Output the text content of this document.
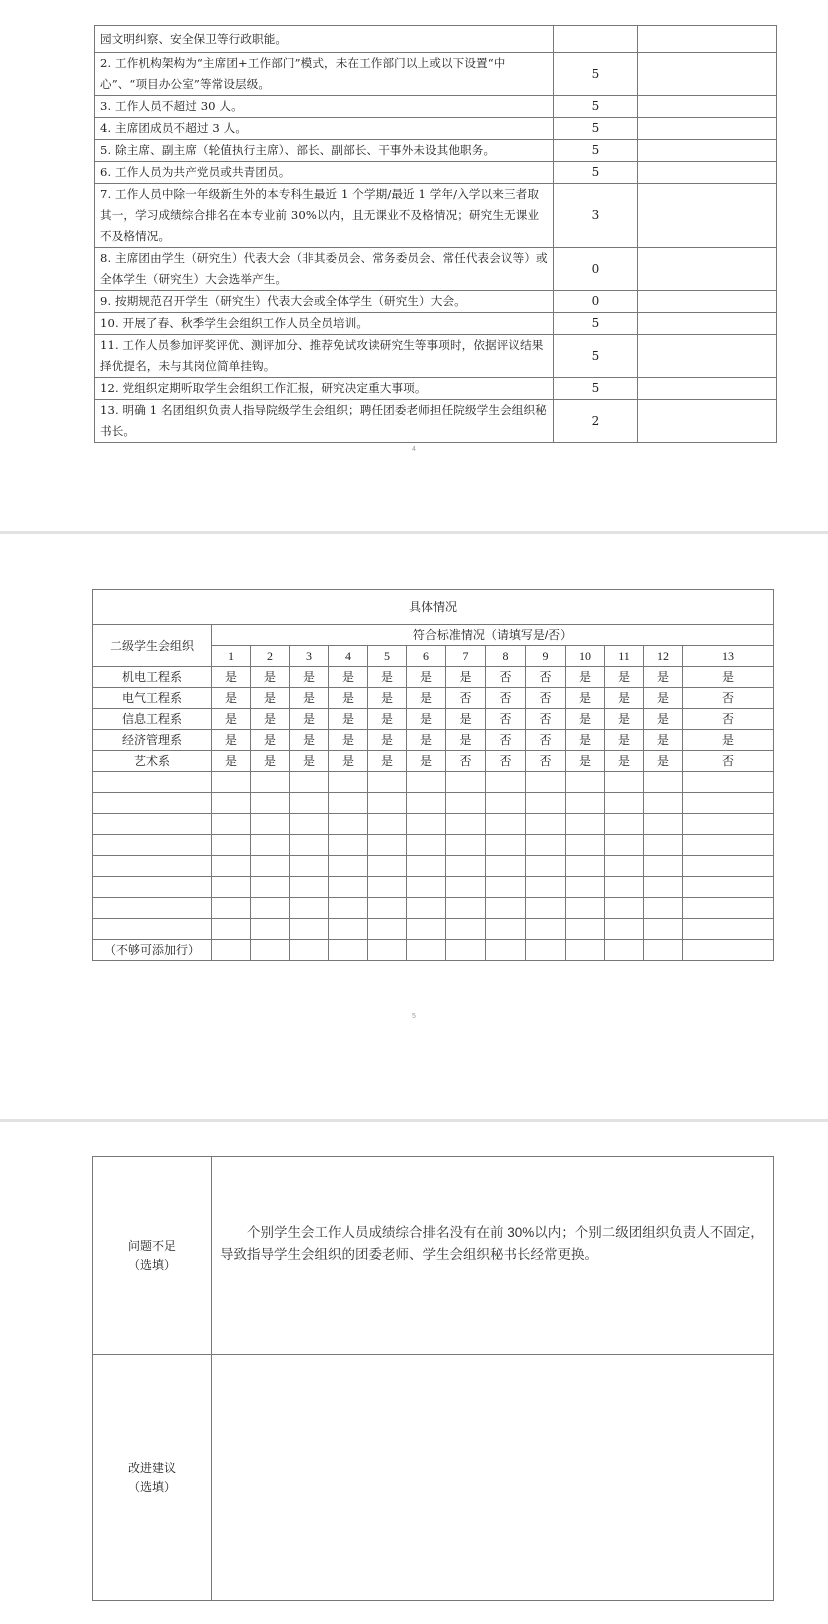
园文明纠察、安全保卫等行政职能。		
2. 工作机构架构为“主席团+工作部门”模式，未在工作部门以上或以下设置“中心”、“项目办公室”等常设层级。	5	
3. 工作人员不超过 30 人。	5	
4. 主席团成员不超过 3 人。	5	
5. 除主席、副主席（轮值执行主席）、部长、副部长、干事外未设其他职务。	5	
6. 工作人员为共产党员或共青团员。	5	
7. 工作人员中除一年级新生外的本专科生最近 1 个学期/最近 1 学年/入学以来三者取其一，学习成绩综合排名在本专业前 30%以内，且无课业不及格情况；研究生无课业不及格情况。	3	
8. 主席团由学生（研究生）代表大会（非其委员会、常务委员会、常任代表会议等）或全体学生（研究生）大会选举产生。	0	
9. 按期规范召开学生（研究生）代表大会或全体学生（研究生）大会。	0	
10. 开展了春、秋季学生会组织工作人员全员培训。	5	
11. 工作人员参加评奖评优、测评加分、推荐免试攻读研究生等事项时，依据评议结果择优提名，未与其岗位简单挂钩。	5	
12. 党组织定期听取学生会组织工作汇报，研究决定重大事项。	5	
13. 明确 1 名团组织负责人指导院级学生会组织；聘任团委老师担任院级学生会组织秘书长。	2	
4
具体情况													
二级学生会组织	符合标准情况（请填写是/否）												
	1	2	3	4	5	6	7	8	9	10	11	12	13
机电工程系	是	是	是	是	是	是	是	否	否	是	是	是	是
电气工程系	是	是	是	是	是	是	否	否	否	是	是	是	否
信息工程系	是	是	是	是	是	是	是	否	否	是	是	是	否
经济管理系	是	是	是	是	是	是	是	否	否	是	是	是	是
艺术系	是	是	是	是	是	是	否	否	否	是	是	是	否

（不够可添加行）													
5
问题不足
（选填）	个别学生会工作人员成绩综合排名没有在前 30%以内；个别二级团组织负责人不固定，导致指导学生会组织的团委老师、学生会组织秘书长经常更换。

改进建议
（选填）	
